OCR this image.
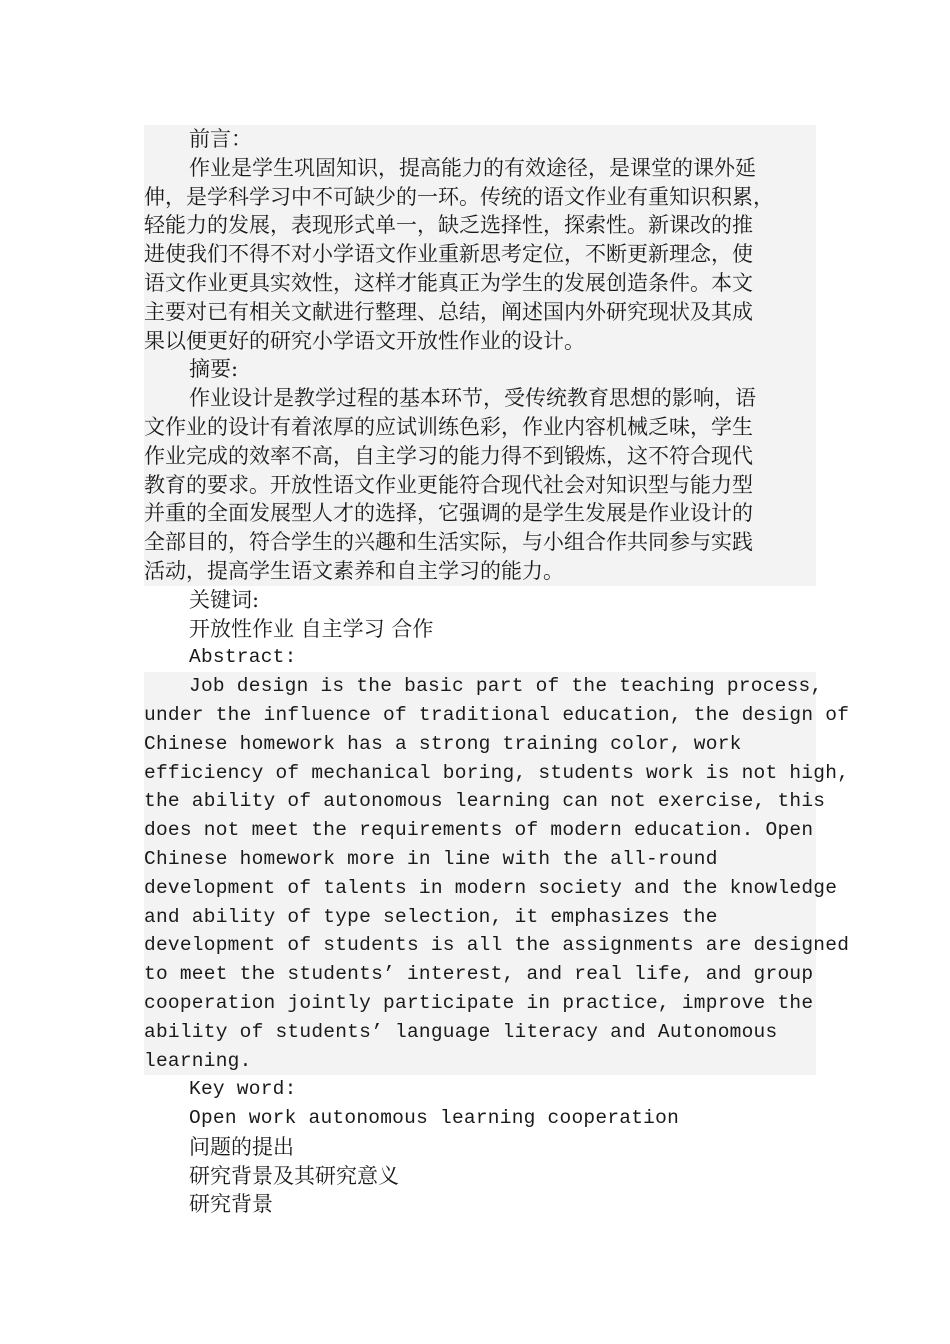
前言：
作业是学生巩固知识，提高能力的有效途径，是课堂的课外延
伸，是学科学习中不可缺少的一环。传统的语文作业有重知识积累，
轻能力的发展，表现形式单一，缺乏选择性，探索性。新课改的推
进使我们不得不对小学语文作业重新思考定位，不断更新理念，使
语文作业更具实效性，这样才能真正为学生的发展创造条件。本文
主要对已有相关文献进行整理、总结，阐述国内外研究现状及其成
果以便更好的研究小学语文开放性作业的设计。
摘要:
作业设计是教学过程的基本环节，受传统教育思想的影响，语
文作业的设计有着浓厚的应试训练色彩，作业内容机械乏味，学生
作业完成的效率不高，自主学习的能力得不到锻炼，这不符合现代
教育的要求。开放性语文作业更能符合现代社会对知识型与能力型
并重的全面发展型人才的选择，它强调的是学生发展是作业设计的
全部目的，符合学生的兴趣和生活实际，与小组合作共同参与实践
活动，提高学生语文素养和自主学习的能力。
关键词:
开放性作业 自主学习 合作
Abstract:
Job design is the basic part of the teaching process,
under the influence of traditional education, the design of
Chinese homework has a strong training color, work
efficiency of mechanical boring, students work is not high,
the ability of autonomous learning can not exercise, this
does not meet the requirements of modern education. Open
Chinese homework more in line with the all-round
development of talents in modern society and the knowledge
and ability of type selection, it emphasizes the
development of students is all the assignments are designed
to meet the students’ interest, and real life, and group
cooperation jointly participate in practice, improve the
ability of students’ language literacy and Autonomous
learning.
Key word:
Open work autonomous learning cooperation
问题的提出
研究背景及其研究意义
研究背景
